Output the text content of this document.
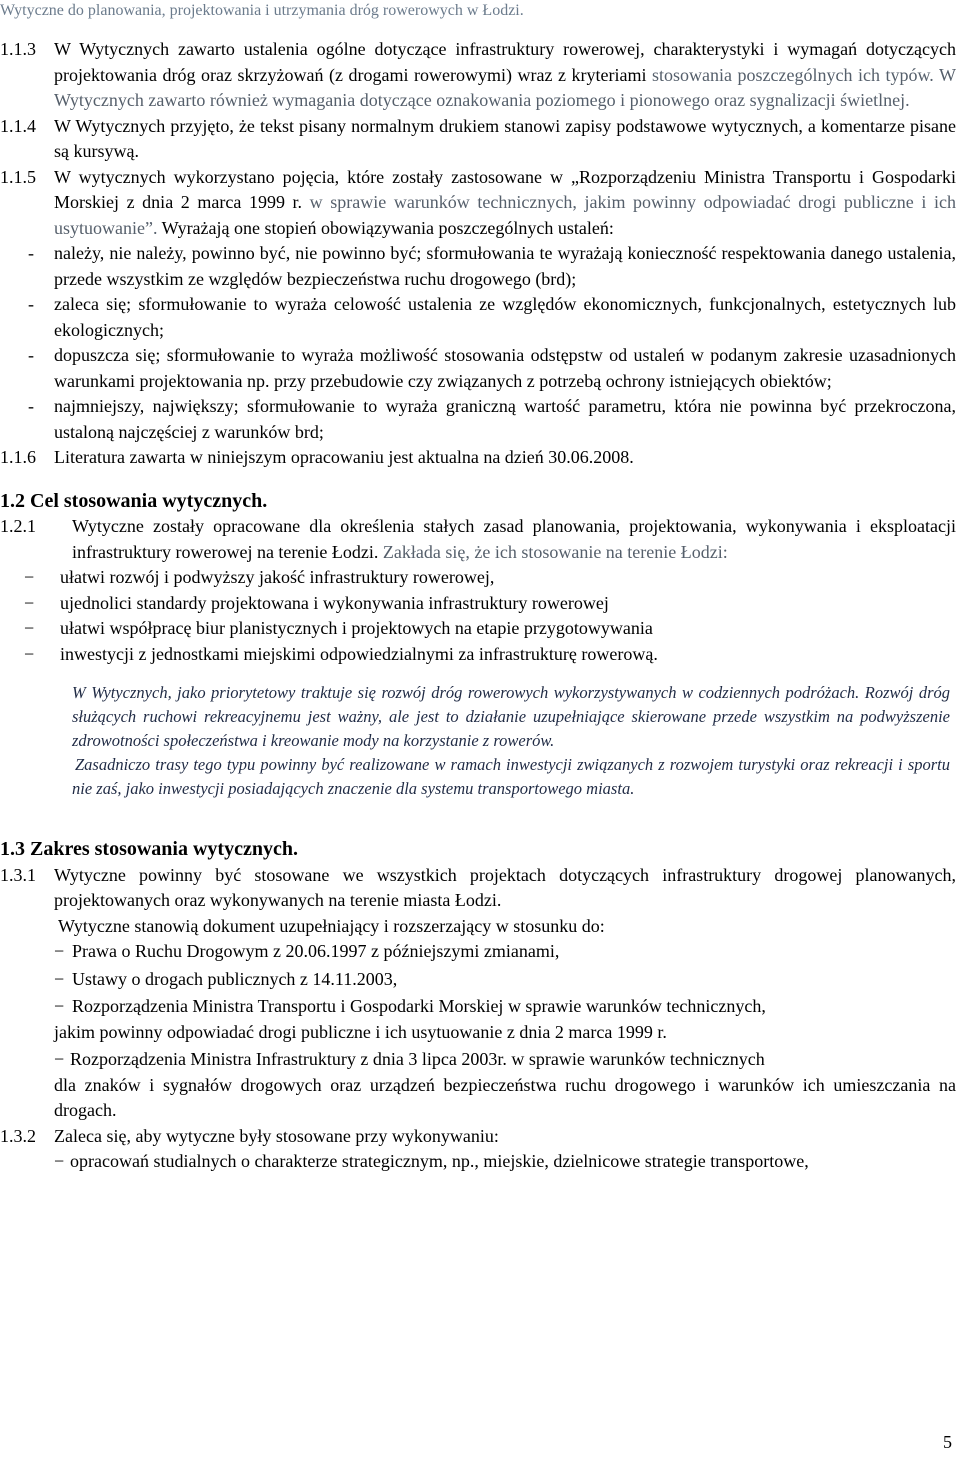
Wytyczne do planowania, projektowania i utrzymania dróg rowerowych w Łodzi.

1.1.3 W Wytycznych zawarto ustalenia ogólne dotyczące infrastruktury rowerowej, charakterystyki i wymagań dotyczących projektowania dróg oraz skrzyżowań (z drogami rowerowymi) wraz z kryteriami stosowania poszczególnych ich typów. W Wytycznych zawarto również wymagania dotyczące oznakowania poziomego i pionowego oraz sygnalizacji świetlnej.

1.1.4 W Wytycznych przyjęto, że tekst pisany normalnym drukiem stanowi zapisy podstawowe wytycznych, a komentarze pisane są kursywą.

1.1.5 W wytycznych wykorzystano pojęcia, które zostały zastosowane w „Rozporządzeniu Ministra Transportu i Gospodarki Morskiej z dnia 2 marca 1999 r. w sprawie warunków technicznych, jakim powinny odpowiadać drogi publiczne i ich usytuowanie”. Wyrażają one stopień obowiązywania poszczególnych ustaleń:

- należy, nie należy, powinno być, nie powinno być; sformułowania te wyrażają konieczność respektowania danego ustalenia, przede wszystkim ze względów bezpieczeństwa ruchu drogowego (brd);
- zaleca się; sformułowanie to wyraża celowość ustalenia ze względów ekonomicznych, funkcjonalnych, estetycznych lub ekologicznych;
- dopuszcza się; sformułowanie to wyraża możliwość stosowania odstępstw od ustaleń w podanym zakresie uzasadnionych warunkami projektowania np. przy przebudowie czy związanych z potrzebą ochrony istniejących obiektów;
- najmniejszy, największy; sformułowanie to wyraża graniczną wartość parametru, która nie powinna być przekroczona, ustaloną najczęściej z warunków brd;

1.1.6 Literatura zawarta w niniejszym opracowaniu jest aktualna na dzień 30.06.2008.

1.2 Cel stosowania wytycznych.

1.2.1 Wytyczne zostały opracowane dla określenia stałych zasad planowania, projektowania, wykonywania i eksploatacji infrastruktury rowerowej na terenie Łodzi. Zakłada się, że ich stosowanie na terenie Łodzi:

− ułatwi rozwój i podwyższy jakość infrastruktury rowerowej,
− ujednolici standardy projektowana i wykonywania infrastruktury rowerowej
− ułatwi współpracę biur planistycznych i projektowych na etapie przygotowywania
− inwestycji z jednostkami miejskimi odpowiedzialnymi za infrastrukturę rowerową.
W Wytycznych, jako priorytetowy traktuje się rozwój dróg rowerowych wykorzystywanych w codziennych podróżach. Rozwój dróg służących ruchowi rekreacyjnemu jest ważny, ale jest to działanie uzupełniające skierowane przede wszystkim na podwyższenie zdrowotności społeczeństwa i kreowanie mody na korzystanie z rowerów.
Zasadniczo trasy tego typu powinny być realizowane w ramach inwestycji związanych z rozwojem turystyki oraz rekreacji i sportu nie zaś, jako inwestycji posiadających znaczenie dla systemu transportowego miasta.

1.3 Zakres stosowania wytycznych.

1.3.1 Wytyczne powinny być stosowane we wszystkich projektach dotyczących infrastruktury drogowej planowanych, projektowanych oraz wykonywanych na terenie miasta Łodzi.
Wytyczne stanowią dokument uzupełniający i rozszerzający w stosunku do:

− Prawa o Ruchu Drogowym z 20.06.1997 z późniejszymi zmianami,
− Ustawy o drogach publicznych z 14.11.2003,
− Rozporządzenia Ministra Transportu i Gospodarki Morskiej w sprawie warunków technicznych,
jakim powinny odpowiadać drogi publiczne i ich usytuowanie z dnia 2 marca 1999 r.
− Rozporządzenia Ministra Infrastruktury z dnia 3 lipca 2003r. w sprawie warunków technicznych
dla znaków i sygnałów drogowych oraz urządzeń bezpieczeństwa ruchu drogowego i warunków ich umieszczania na drogach.

1.3.2 Zaleca się, aby wytyczne były stosowane przy wykonywaniu:

− opracowań studialnych o charakterze strategicznym, np., miejskie, dzielnicowe strategie transportowe,
5
